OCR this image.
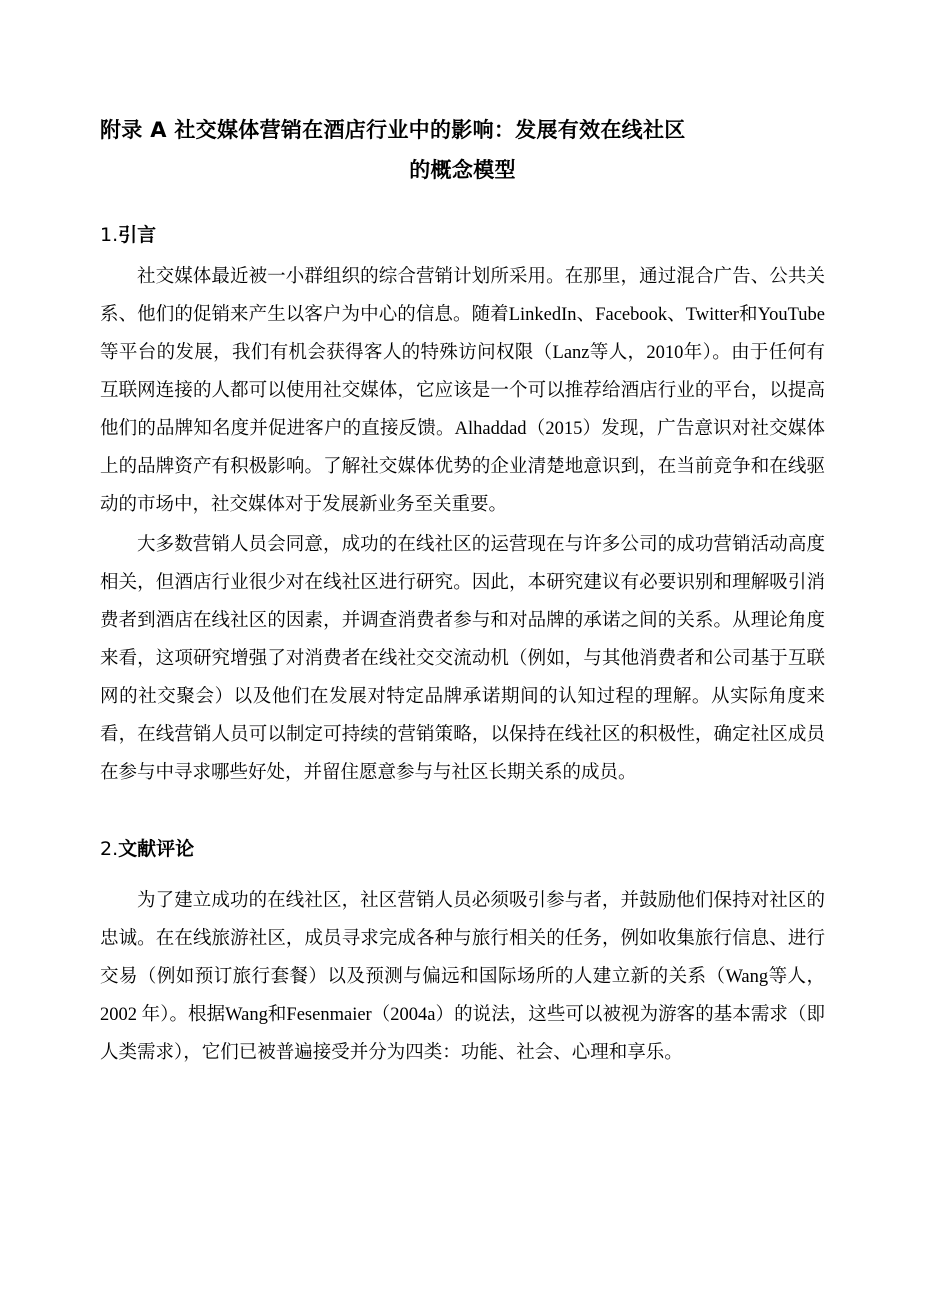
附录 A 社交媒体营销在酒店行业中的影响：发展有效在线社区
的概念模型
1.引言

社交媒体最近被一小群组织的综合营销计划所采用。在那里，通过混合广告、公共关系、他们的促销来产生以客户为中心的信息。随着LinkedIn、Facebook、Twitter和YouTube等平台的发展，我们有机会获得客人的特殊访问权限（Lanz等人，2010年）。由于任何有互联网连接的人都可以使用社交媒体，它应该是一个可以推荐给酒店行业的平台，以提高他们的品牌知名度并促进客户的直接反馈。Alhaddad（2015）发现，广告意识对社交媒体上的品牌资产有积极影响。了解社交媒体优势的企业清楚地意识到，在当前竞争和在线驱动的市场中，社交媒体对于发展新业务至关重要。

大多数营销人员会同意，成功的在线社区的运营现在与许多公司的成功营销活动高度相关，但酒店行业很少对在线社区进行研究。因此，本研究建议有必要识别和理解吸引消费者到酒店在线社区的因素，并调查消费者参与和对品牌的承诺之间的关系。从理论角度来看，这项研究增强了对消费者在线社交交流动机（例如，与其他消费者和公司基于互联网的社交聚会）以及他们在发展对特定品牌承诺期间的认知过程的理解。从实际角度来看，在线营销人员可以制定可持续的营销策略，以保持在线社区的积极性，确定社区成员在参与中寻求哪些好处，并留住愿意参与与社区长期关系的成员。

2.文献评论

为了建立成功的在线社区，社区营销人员必须吸引参与者，并鼓励他们保持对社区的忠诚。在在线旅游社区，成员寻求完成各种与旅行相关的任务，例如收集旅行信息、进行交易（例如预订旅行套餐）以及预测与偏远和国际场所的人建立新的关系（Wang等人，2002 年）。根据Wang和Fesenmaier（2004a）的说法，这些可以被视为游客的基本需求（即人类需求），它们已被普遍接受并分为四类：功能、社会、心理和享乐。
